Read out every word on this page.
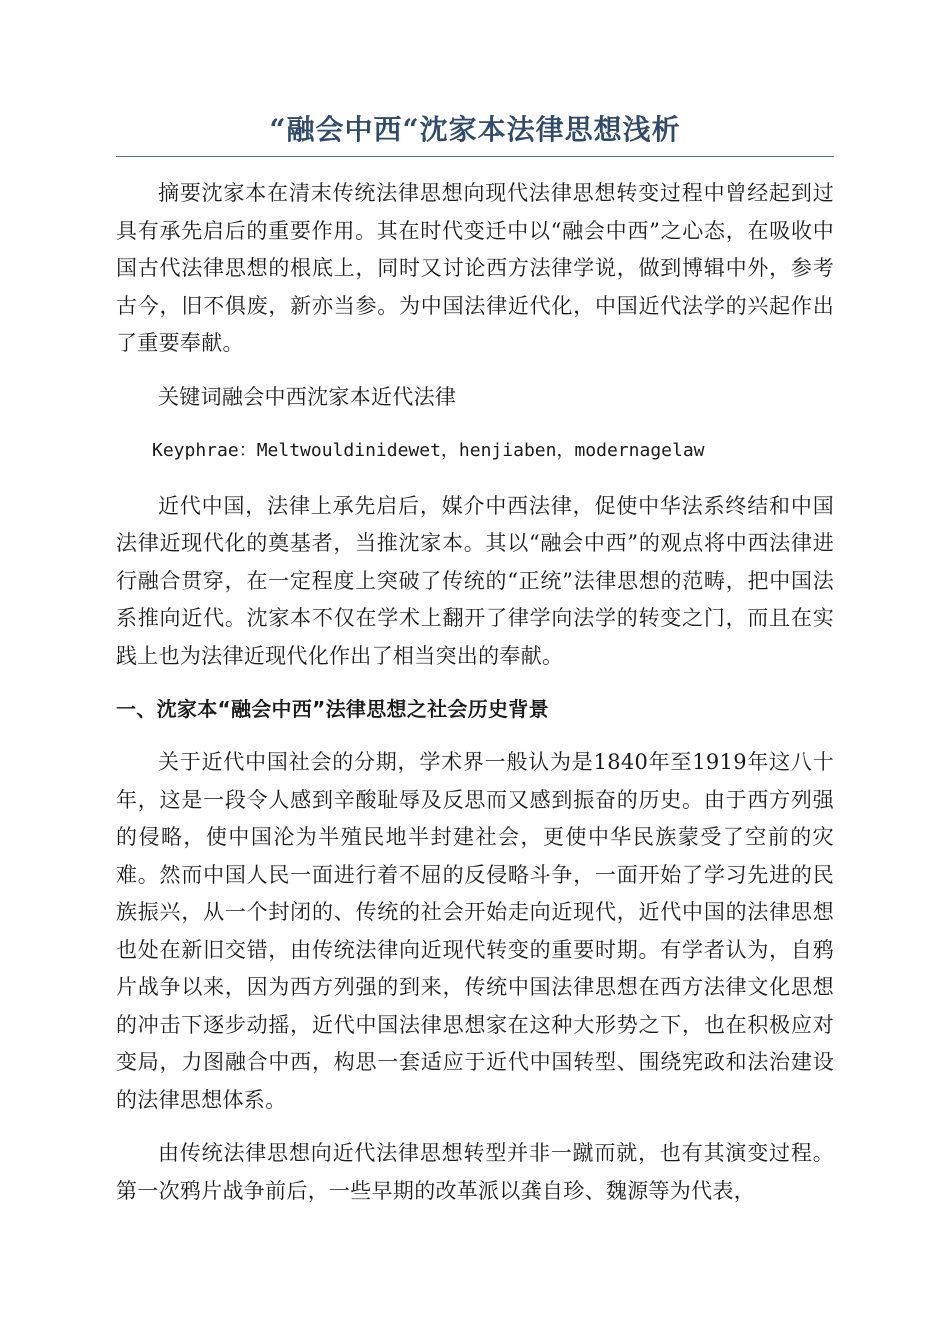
“融会中西“沈家本法律思想浅析

摘要沈家本在清末传统法律思想向现代法律思想转变过程中曾经起到过具有承先启后的重要作用。其在时代变迁中以“融会中西”之心态，在吸收中国古代法律思想的根底上，同时又讨论西方法律学说，做到博辑中外，参考古今，旧不俱废，新亦当参。为中国法律近代化，中国近代法学的兴起作出了重要奉献。

关键词融会中西沈家本近代法律

Keyphrae：Meltwouldinidewet，henjiaben，modernagelaw

近代中国，法律上承先启后，媒介中西法律，促使中华法系终结和中国法律近现代化的奠基者，当推沈家本。其以“融会中西”的观点将中西法律进行融合贯穿，在一定程度上突破了传统的“正统”法律思想的范畴，把中国法系推向近代。沈家本不仅在学术上翻开了律学向法学的转变之门，而且在实践上也为法律近现代化作出了相当突出的奉献。

一、沈家本“融会中西”法律思想之社会历史背景

关于近代中国社会的分期，学术界一般认为是1840年至1919年这八十年，这是一段令人感到辛酸耻辱及反思而又感到振奋的历史。由于西方列强的侵略，使中国沦为半殖民地半封建社会，更使中华民族蒙受了空前的灾难。然而中国人民一面进行着不屈的反侵略斗争，一面开始了学习先进的民族振兴，从一个封闭的、传统的社会开始走向近现代，近代中国的法律思想也处在新旧交错，由传统法律向近现代转变的重要时期。有学者认为，自鸦片战争以来，因为西方列强的到来，传统中国法律思想在西方法律文化思想的冲击下逐步动摇，近代中国法律思想家在这种大形势之下，也在积极应对变局，力图融合中西，构思一套适应于近代中国转型、围绕宪政和法治建设的法律思想体系。

由传统法律思想向近代法律思想转型并非一蹴而就，也有其演变过程。第一次鸦片战争前后，一些早期的改革派以龚自珍、魏源等为代表，
